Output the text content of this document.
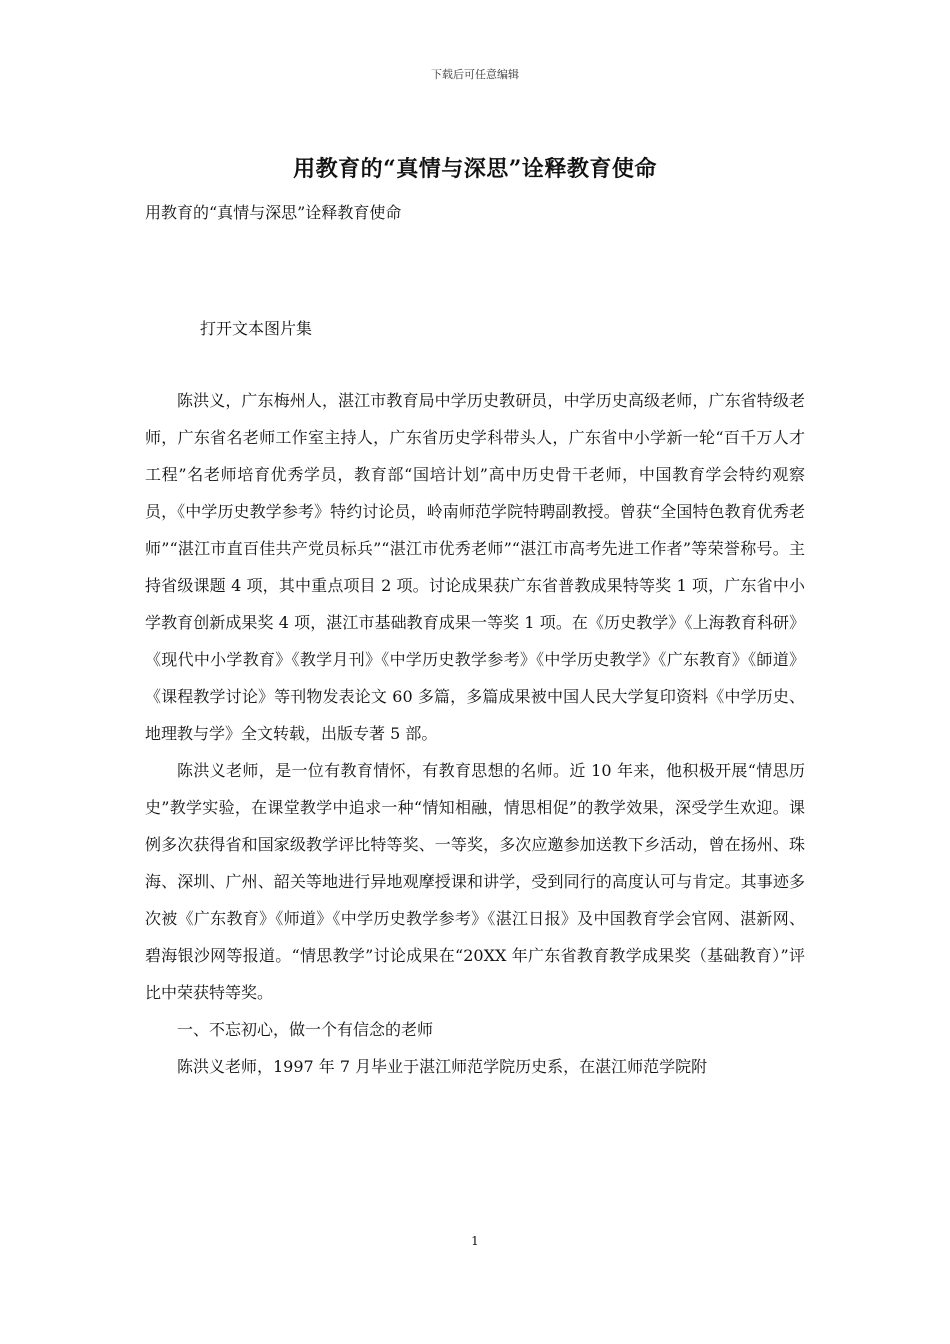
下载后可任意编辑
用教育的“真情与深思”诠释教育使命
用教育的“真情与深思”诠释教育使命
打开文本图片集

陈洪义，广东梅州人，湛江市教育局中学历史教研员，中学历史高级老师，广东省特级老师，广东省名老师工作室主持人，广东省历史学科带头人，广东省中小学新一轮“百千万人才工程”名老师培育优秀学员，教育部“国培计划”高中历史骨干老师，中国教育学会特约观察员，《中学历史教学参考》特约讨论员，岭南师范学院特聘副教授。曾获“全国特色教育优秀老师”“湛江市直百佳共产党员标兵”“湛江市优秀老师”“湛江市高考先进工作者”等荣誉称号。主持省级课题 4 项，其中重点项目 2 项。讨论成果获广东省普教成果特等奖 1 项，广东省中小学教育创新成果奖 4 项，湛江市基础教育成果一等奖 1 项。在《历史教学》《上海教育科研》《现代中小学教育》《教学月刊》《中学历史教学参考》《中学历史教学》《广东教育》《師道》《课程教学讨论》等刊物发表论文 60 多篇，多篇成果被中国人民大学复印资料《中学历史、地理教与学》全文转载，出版专著 5 部。

陈洪义老师，是一位有教育情怀，有教育思想的名师。近 10 年来，他积极开展“情思历史”教学实验，在课堂教学中追求一种“情知相融，情思相促”的教学效果，深受学生欢迎。课例多次获得省和国家级教学评比特等奖、一等奖，多次应邀参加送教下乡活动，曾在扬州、珠海、深圳、广州、韶关等地进行异地观摩授课和讲学，受到同行的高度认可与肯定。其事迹多次被《广东教育》《师道》《中学历史教学参考》《湛江日报》及中国教育学会官网、湛新网、碧海银沙网等报道。“情思教学”讨论成果在“20XX 年广东省教育教学成果奖（基础教育）”评比中荣获特等奖。

一、不忘初心，做一个有信念的老师

陈洪义老师，1997 年 7 月毕业于湛江师范学院历史系，在湛江师范学院附

1
